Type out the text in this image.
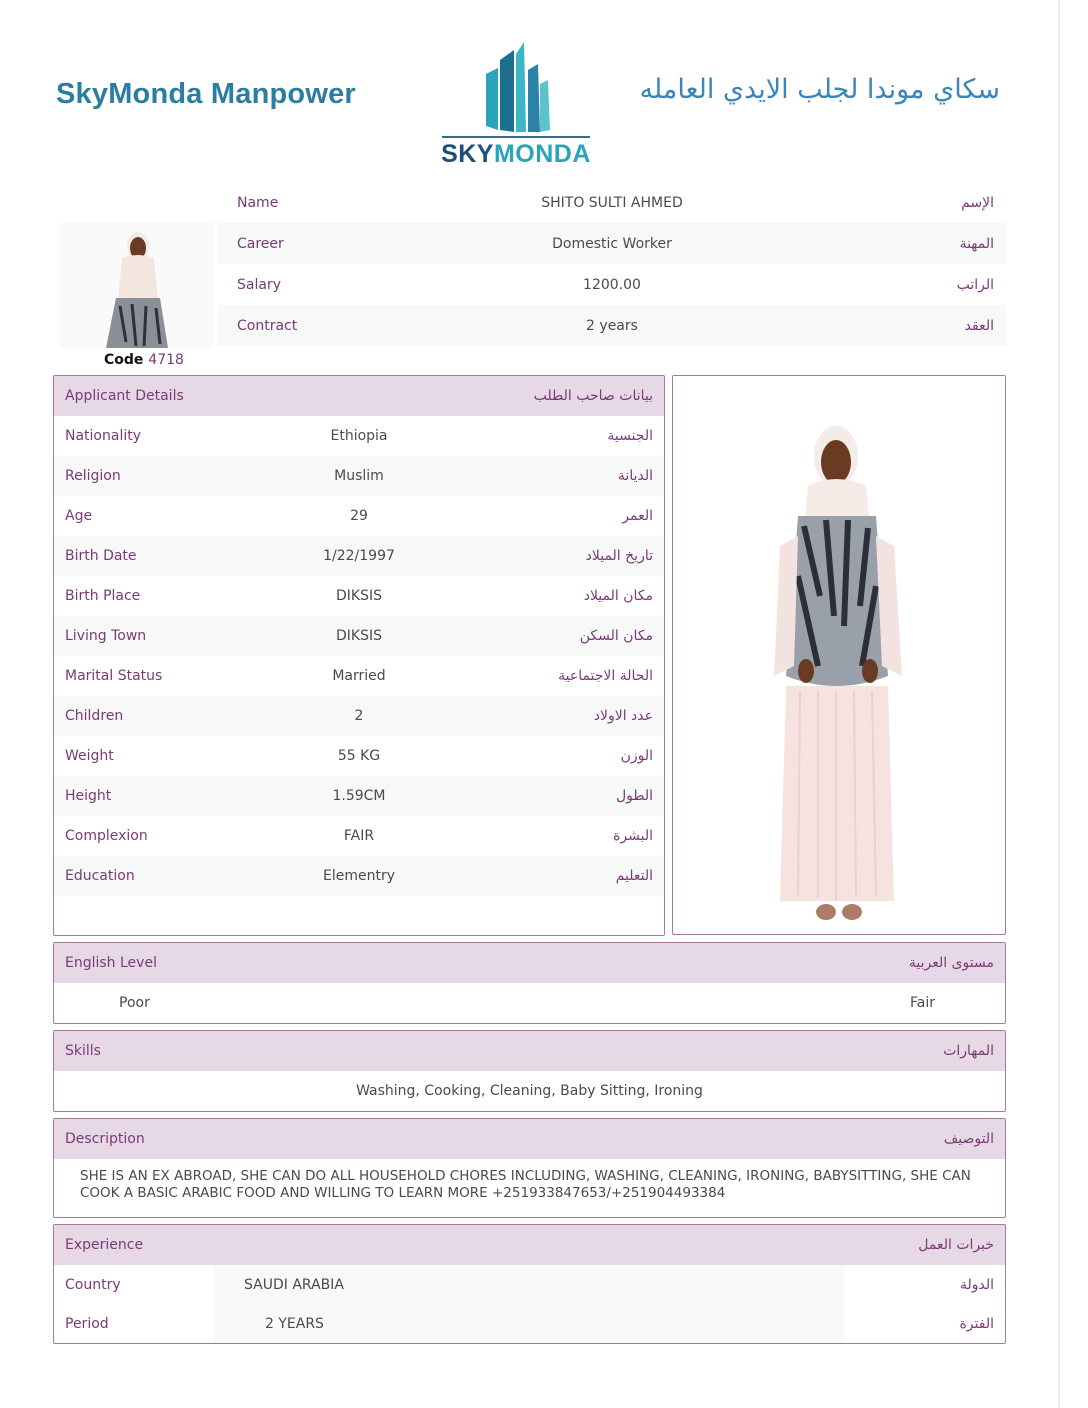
SkyMonda Manpower
SKYMONDA
سكاي موندا لجلب الايدي العامله
Code 4718
Name	SHITO SULTI AHMED	الإسم
Career	Domestic Worker	المهنة
Salary	1200.00	الراتب
Contract	2 years	العقد
Applicant Details	بيانات صاحب الطلب
Nationality	Ethiopia	الجنسية
Religion	Muslim	الديانة
Age	29	العمر
Birth Date	1/22/1997	تاريخ الميلاد
Birth Place	DIKSIS	مكان الميلاد
Living Town	DIKSIS	مكان السكن
Marital Status	Married	الحالة الاجتماعية
Children	2	عدد الاولاد
Weight	55 KG	الوزن
Height	1.59CM	الطول
Complexion	FAIR	البشرة
Education	Elementry	التعليم
English Level	مستوى العربية
Poor	Fair
Skills	المهارات
Washing, Cooking, Cleaning, Baby Sitting, Ironing
Description	التوصيف
SHE IS AN EX ABROAD, SHE CAN DO ALL HOUSEHOLD CHORES INCLUDING, WASHING, CLEANING, IRONING, BABYSITTING, SHE CAN COOK A BASIC ARABIC FOOD AND WILLING TO LEARN MORE +251933847653/+251904493384
Experience	خبرات العمل
Country	SAUDI ARABIA	الدولة
Period	2 YEARS	الفترة
